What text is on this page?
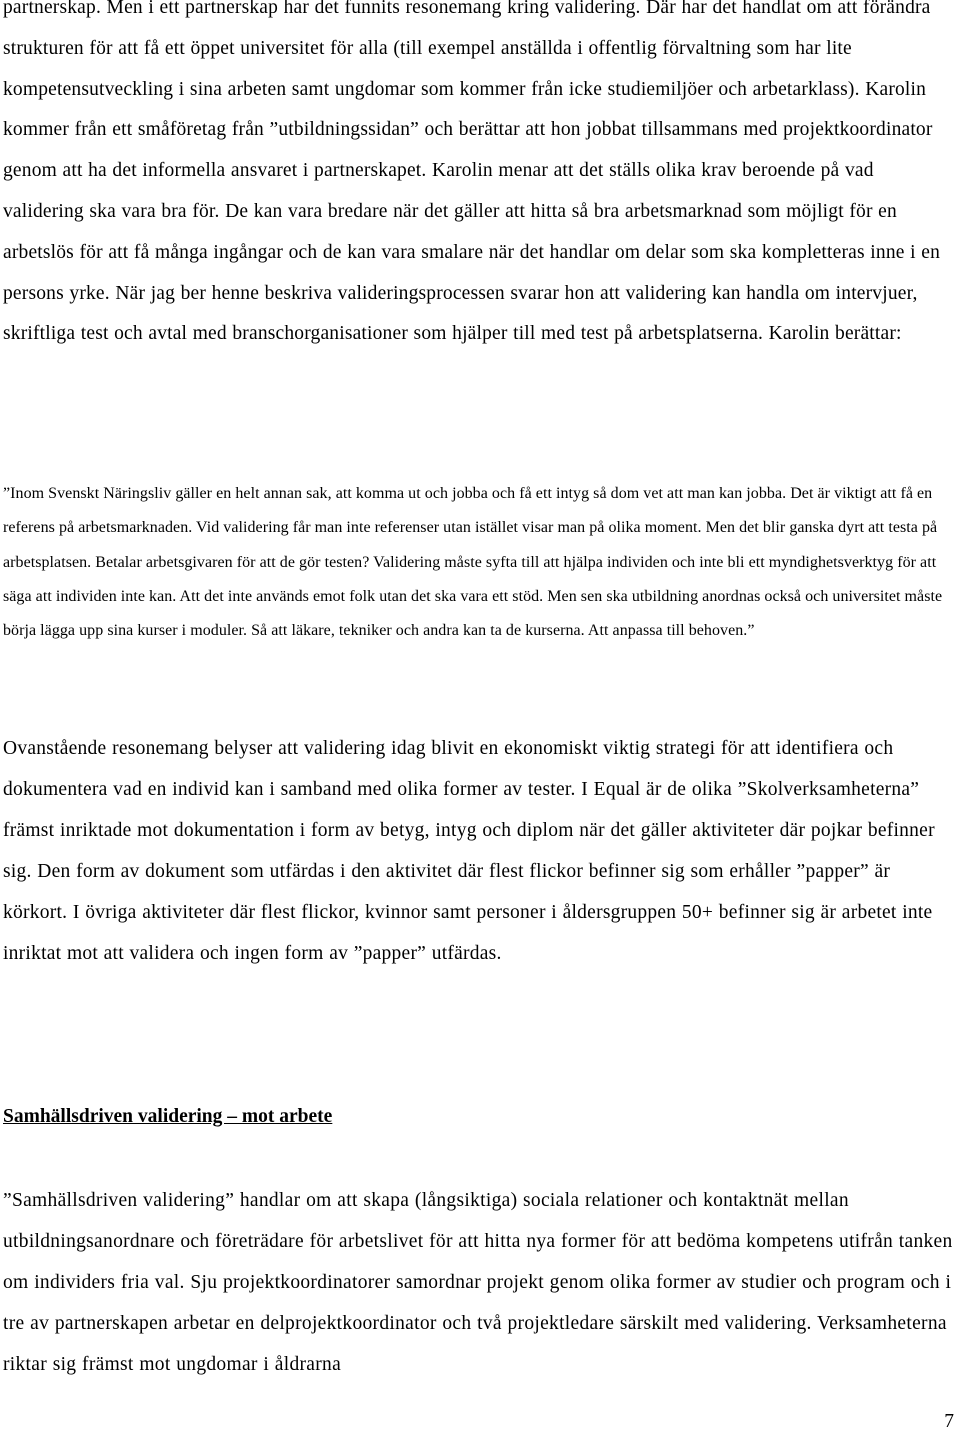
partnerskap. Men i ett partnerskap har det funnits resonemang kring validering. Där har det handlat om att förändra strukturen för att få ett öppet universitet för alla (till exempel anställda i offentlig förvaltning som har lite kompetensutveckling i sina arbeten samt ungdomar som kommer från icke studiemiljöer och arbetarklass). Karolin kommer från ett småföretag från ”utbildningssidan” och berättar att hon jobbat tillsammans med projektkoordinator genom att ha det informella ansvaret i partnerskapet. Karolin menar att det ställs olika krav beroende på vad validering ska vara bra för. De kan vara bredare när det gäller att hitta så bra arbetsmarknad som möjligt för en arbetslös för att få många ingångar och de kan vara smalare när det handlar om delar som ska kompletteras inne i en persons yrke. När jag ber henne beskriva valideringsprocessen svarar hon att validering kan handla om intervjuer, skriftliga test och avtal med branschorganisationer som hjälper till med test på arbetsplatserna. Karolin berättar:

”Inom Svenskt Näringsliv gäller en helt annan sak, att komma ut och jobba och få ett intyg så dom vet att man kan jobba. Det är viktigt att få en referens på arbetsmarknaden. Vid validering får man inte referenser utan istället visar man på olika moment. Men det blir ganska dyrt att testa på arbetsplatsen. Betalar arbetsgivaren för att de gör testen? Validering måste syfta till att hjälpa individen och inte bli ett myndighetsverktyg för att säga att individen inte kan. Att det inte används emot folk utan det ska vara ett stöd. Men sen ska utbildning anordnas också och universitet måste börja lägga upp sina kurser i moduler. Så att läkare, tekniker och andra kan ta de kurserna. Att anpassa till behoven.”

Ovanstående resonemang belyser att validering idag blivit en ekonomiskt viktig strategi för att identifiera och dokumentera vad en individ kan i samband med olika former av tester. I Equal är de olika ”Skolverksamheterna” främst inriktade mot dokumentation i form av betyg, intyg och diplom när det gäller aktiviteter där pojkar befinner sig. Den form av dokument som utfärdas i den aktivitet där flest flickor befinner sig som erhåller ”papper” är körkort. I övriga aktiviteter där flest flickor, kvinnor samt personer i åldersgruppen 50+ befinner sig är arbetet inte inriktat mot att validera och ingen form av ”papper” utfärdas.

Samhällsdriven validering – mot arbete

”Samhällsdriven validering” handlar om att skapa (långsiktiga) sociala relationer och kontaktnät mellan utbildningsanordnare och företrädare för arbetslivet för att hitta nya former för att bedöma kompetens utifrån tanken om individers fria val. Sju projektkoordinatorer samordnar projekt genom olika former av studier och program och i tre av partnerskapen arbetar en delprojektkoordinator och två projektledare särskilt med validering. Verksamheterna riktar sig främst mot ungdomar i åldrarna

7
